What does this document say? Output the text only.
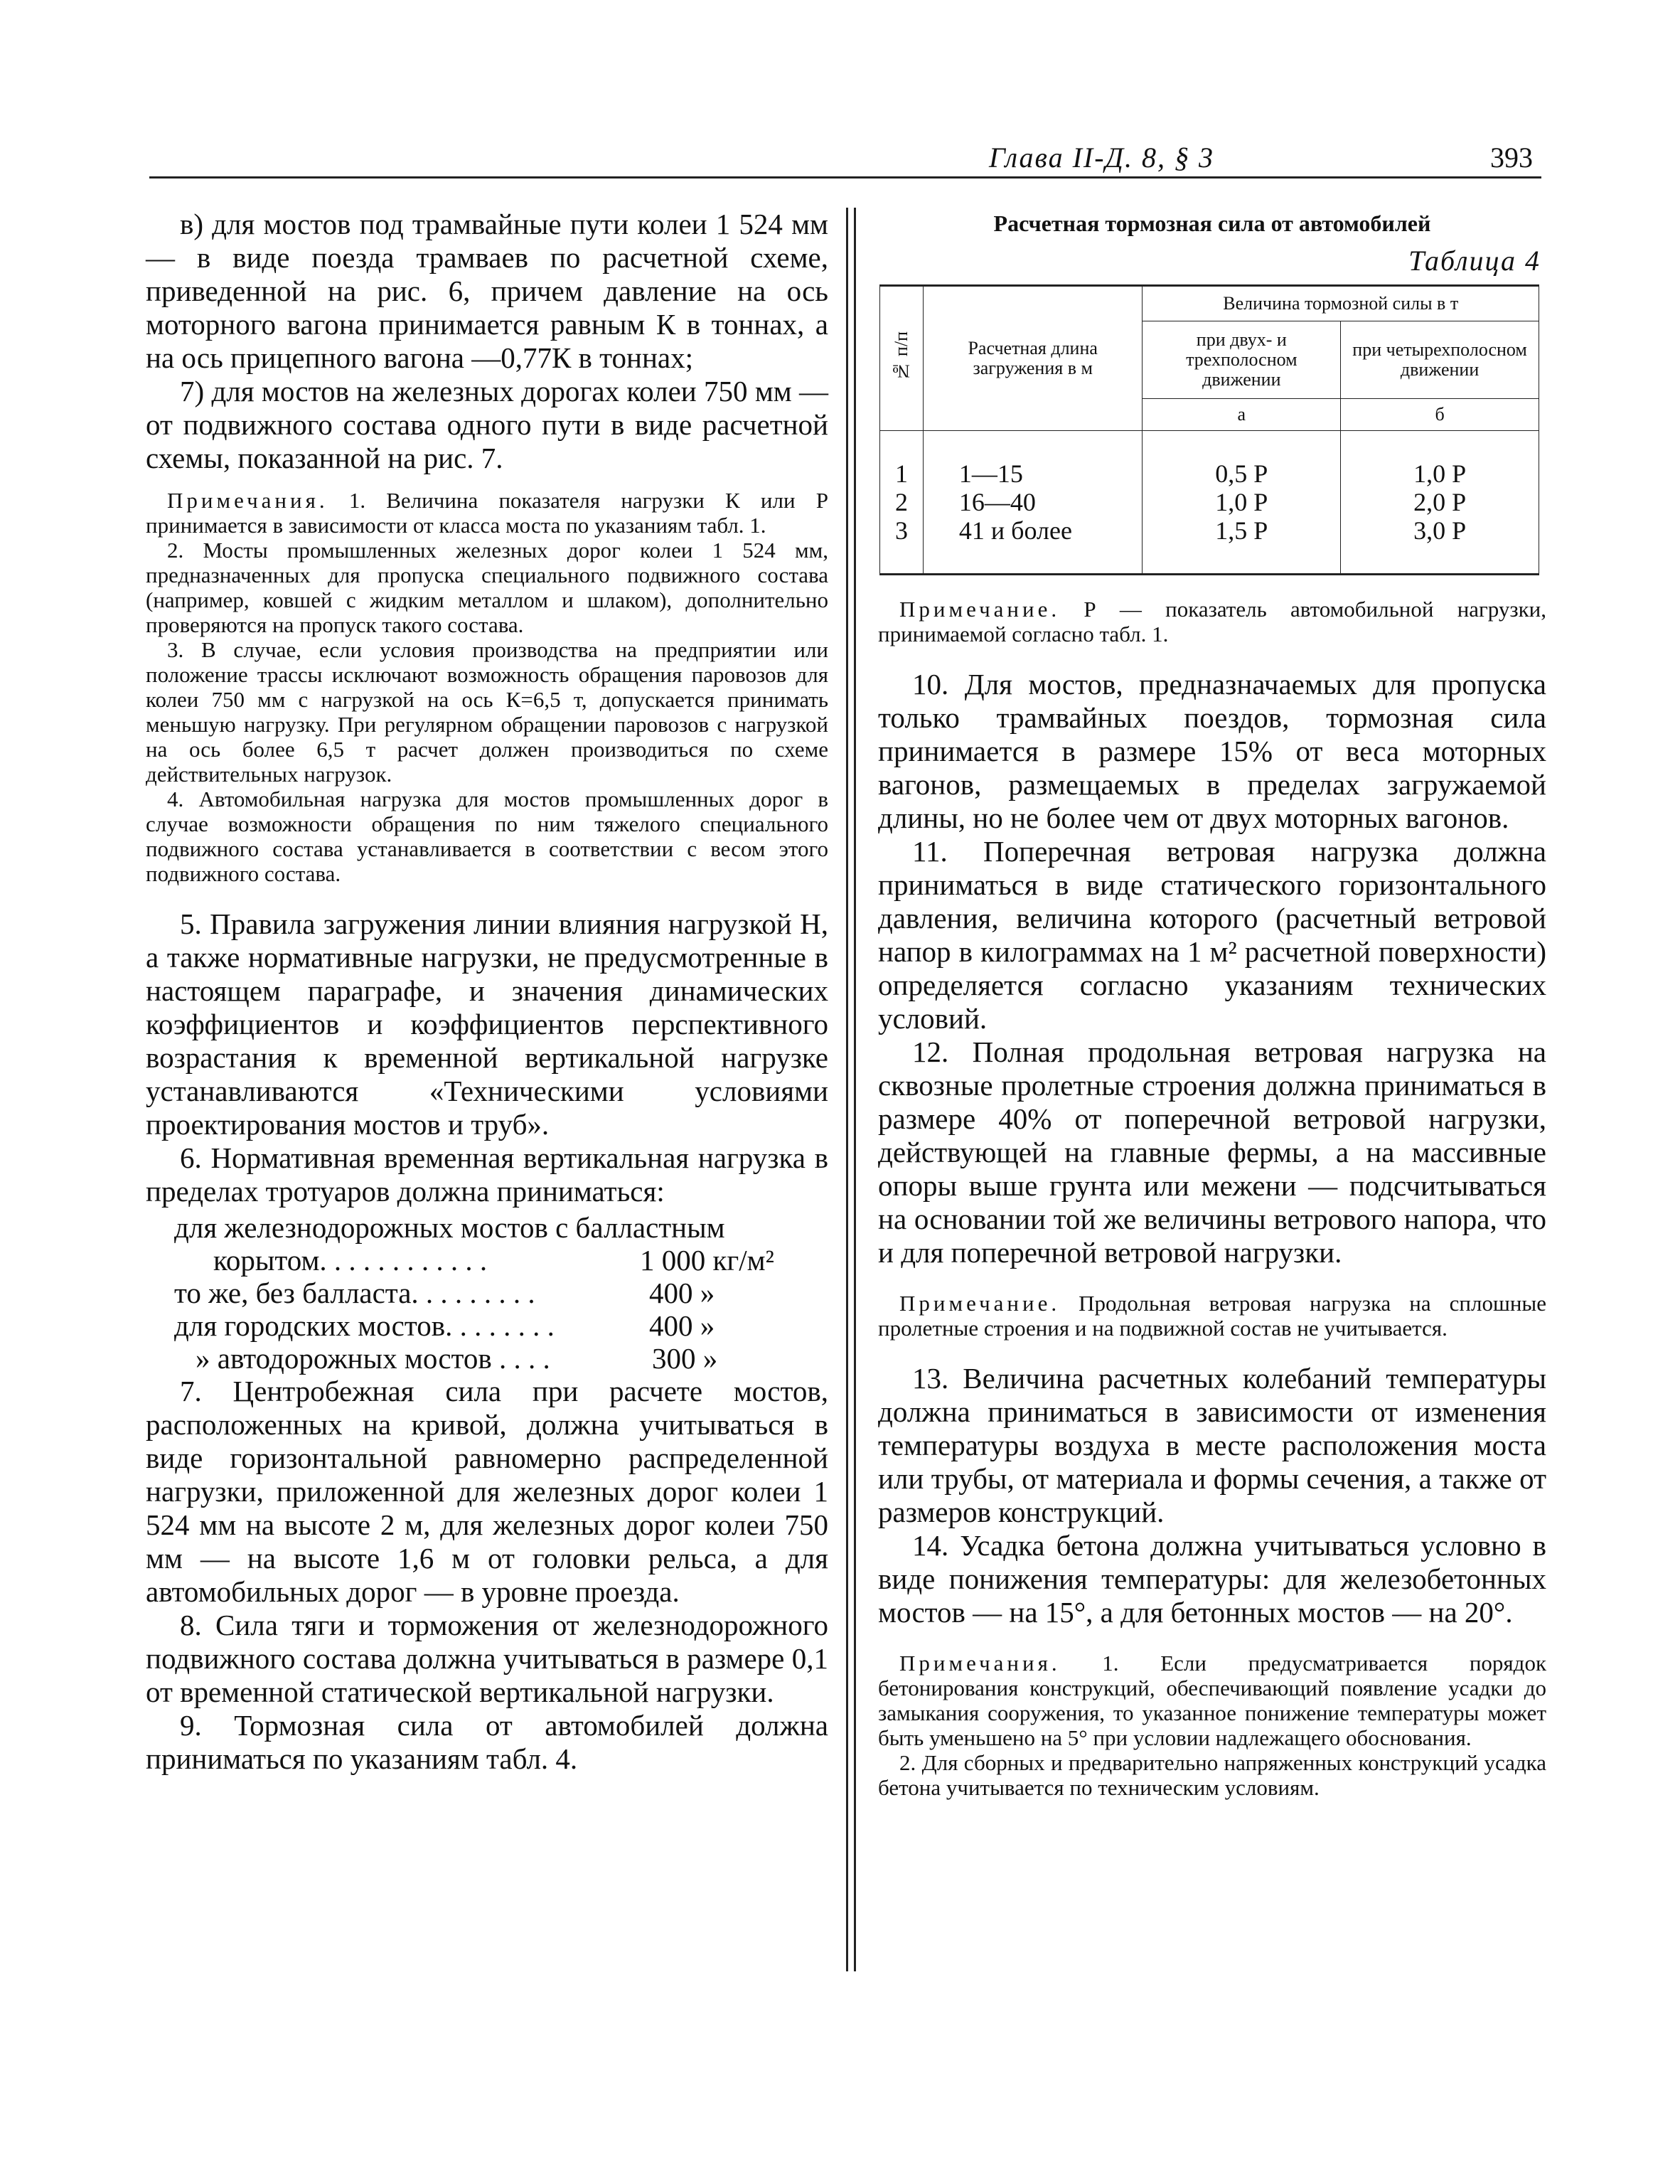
Глава II-Д. 8, § 3	393

в) для мостов под трамвайные пути колеи 1 524 мм — в виде поезда трамваев по расчетной схеме, приведенной на рис. 6, причем давление на ось моторного вагона принимается равным К в тоннах, а на ось прицепного вагона —0,77К в тоннах;

7) для мостов на железных дорогах колеи 750 мм — от подвижного состава одного пути в виде расчетной схемы, показанной на рис. 7.

Примечания. 1. Величина показателя нагрузки К или Р принимается в зависимости от класса моста по указаниям табл. 1.

2. Мосты промышленных железных дорог колеи 1 524 мм, предназначенных для пропуска специального подвижного состава (например, ковшей с жидким металлом и шлаком), дополнительно проверяются на пропуск такого состава.

3. В случае, если условия производства на предприятии или положение трассы исключают возможность обращения паровозов для колеи 750 мм с нагрузкой на ось К=6,5 т, допускается принимать меньшую нагрузку. При регулярном обращении паровозов с нагрузкой на ось более 6,5 т расчет должен производиться по схеме действительных нагрузок.

4. Автомобильная нагрузка для мостов промышленных дорог в случае возможности обращения по ним тяжелого специального подвижного состава устанавливается в соответствии с весом этого подвижного состава.

5. Правила загружения линии влияния нагрузкой Н, а также нормативные нагрузки, не предусмотренные в настоящем параграфе, и значения динамических коэффициентов и коэффициентов перспективного возрастания к временной вертикальной нагрузке устанавливаются «Техническими условиями проектирования мостов и труб».

6. Нормативная временная вертикальная нагрузка в пределах тротуаров должна приниматься:

для железнодорожных мостов с балластным
корытом. . . . . . . . . . . .	1 000 кг/м²
то же, без балласта. . . . . . . . .	400 »
для городских мостов. . . . . . . .	400 »
» автодорожных мостов . . . .	300 »

7. Центробежная сила при расчете мостов, расположенных на кривой, должна учитываться в виде горизонтальной равномерно распределенной нагрузки, приложенной для железных дорог колеи 1 524 мм на высоте 2 м, для железных дорог колеи 750 мм — на высоте 1,6 м от головки рельса, а для автомобильных дорог — в уровне проезда.

8. Сила тяги и торможения от железнодорожного подвижного состава должна учитываться в размере 0,1 от временной статической вертикальной нагрузки.

9. Тормозная сила от автомобилей должна приниматься по указаниям табл. 4.

Расчетная тормозная сила от автомобилей

Таблица 4

№ п/п	Расчетная длина загружения в м	Величина тормозной силы в т	
		при двух- и трехполосном движении	при четырехполосном движении
		а	б
1	1—15	0,5 Р	1,0 Р
2	16—40	1,0 Р	2,0 Р
3	41 и более	1,5 Р	3,0 Р

Примечание. Р — показатель автомобильной нагрузки, принимаемой согласно табл. 1.

10. Для мостов, предназначаемых для пропуска только трамвайных поездов, тормозная сила принимается в размере 15% от веса моторных вагонов, размещаемых в пределах загружаемой длины, но не более чем от двух моторных вагонов.

11. Поперечная ветровая нагрузка должна приниматься в виде статического горизонтального давления, величина которого (расчетный ветровой напор в килограммах на 1 м² расчетной поверхности) определяется согласно указаниям технических условий.

12. Полная продольная ветровая нагрузка на сквозные пролетные строения должна приниматься в размере 40% от поперечной ветровой нагрузки, действующей на главные фермы, а на массивные опоры выше грунта или межени — подсчитываться на основании той же величины ветрового напора, что и для поперечной ветровой нагрузки.

Примечание. Продольная ветровая нагрузка на сплошные пролетные строения и на подвижной состав не учитывается.

13. Величина расчетных колебаний температуры должна приниматься в зависимости от изменения температуры воздуха в месте расположения моста или трубы, от материала и формы сечения, а также от размеров конструкций.

14. Усадка бетона должна учитываться условно в виде понижения температуры: для железобетонных мостов — на 15°, а для бетонных мостов — на 20°.

Примечания. 1. Если предусматривается порядок бетонирования конструкций, обеспечивающий появление усадки до замыкания сооружения, то указанное понижение температуры может быть уменьшено на 5° при условии надлежащего обоснования.

2. Для сборных и предварительно напряженных конструкций усадка бетона учитывается по техническим условиям.
